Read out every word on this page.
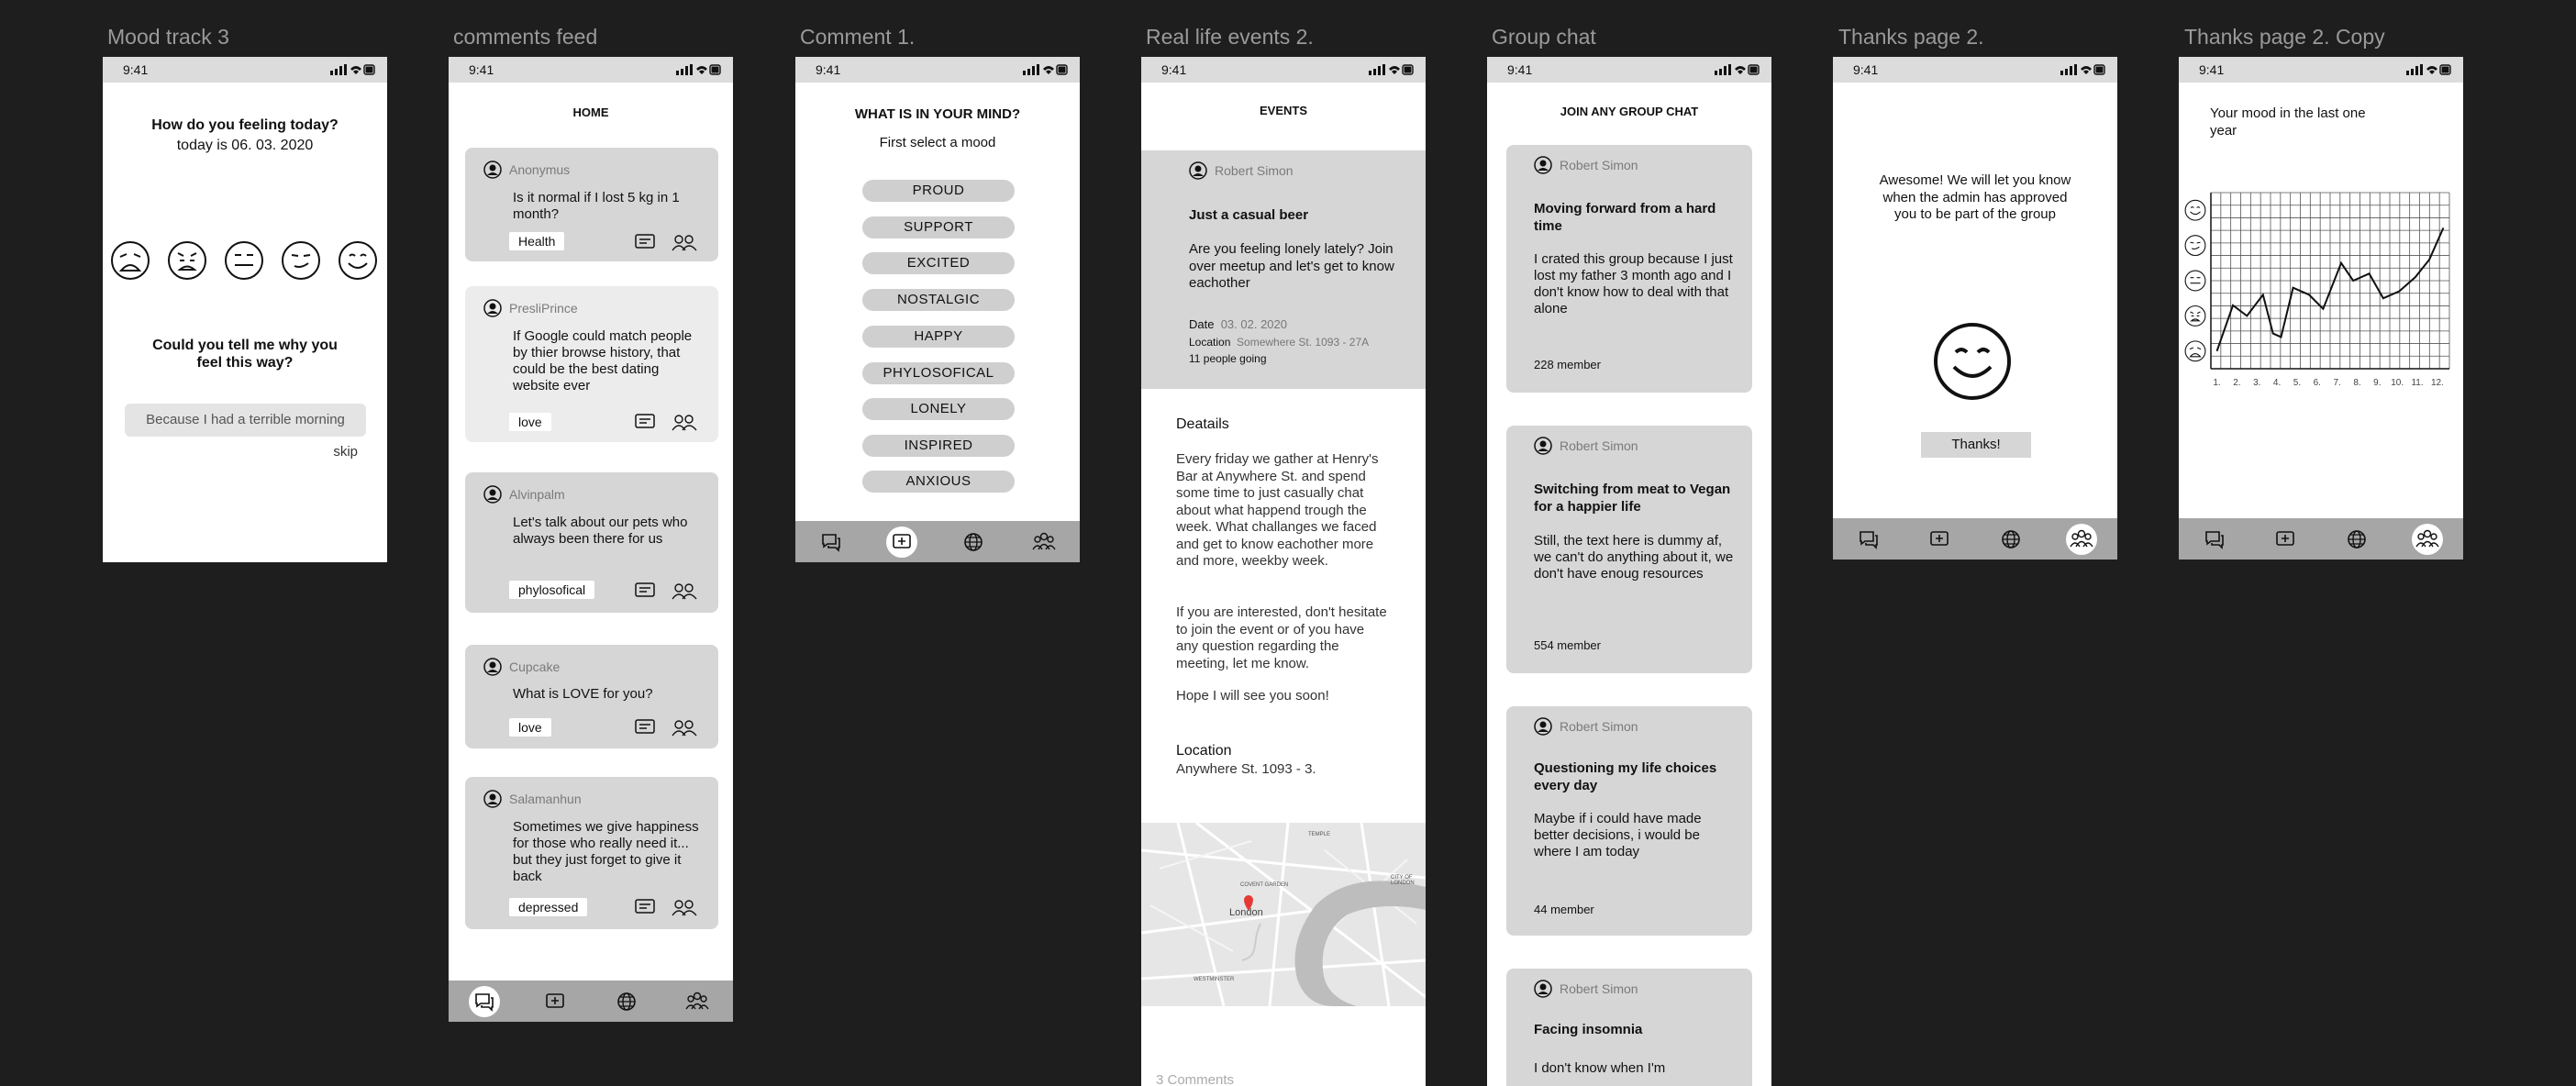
Mood track 3	comments feed	Comment 1.	Real life events 2.	Group chat	Thanks page 2.	Thanks page 2. Copy
9:41
How do you feeling today?
today is 06. 03. 2020
Could you tell me why you feel this way?
Because I had a terrible morning
skip
9:41
HOME
Anonymus
Is it normal if I lost 5 kg in 1 month?
Health
PresliPrince
If Google could match people by thier browse history, that could be the best dating website ever
love
Alvinpalm
Let's talk about our pets who always been there for us
phylosofical
Cupcake
What is LOVE for you?
love
Salamanhun
Sometimes we give happiness for those who really need it... but they just forget to give it back
depressed
9:41
WHAT IS IN YOUR MIND?
First select a mood
PROUD
SUPPORT
EXCITED
NOSTALGIC
HAPPY
PHYLOSOFICAL
LONELY
INSPIRED
ANXIOUS
9:41
EVENTS
Robert Simon
Just a casual beer
Are you feeling lonely lately? Join over meetup and let's get to know eachother
Date 03. 02. 2020
Location Somewhere St. 1093 - 27A
11 people going
Deatails
Every friday we gather at Henry's Bar at Anywhere St. and spend some time to just casually chat about what happend trough the week. What challanges we faced and get to know eachother more and more, weekby week.
If you are interested, don't hesitate to join the event or of you have any question regarding the meeting, let me know.
Hope I will see you soon!
Location
Anywhere St. 1093 - 3.
London
COVENT GARDEN
TEMPLE
CITY OF LONDON
WESTMINSTER
3 Comments
9:41
JOIN ANY GROUP CHAT
Robert Simon
Moving forward from a hard time
I crated this group because I just lost my father 3 month ago and I don't know how to deal with that alone
228 member
Robert Simon
Switching from meat to Vegan for a happier life
Still, the text here is dummy af, we can't do anything about it, we don't have enoug resources
554 member
Robert Simon
Questioning my life choices every day
Maybe if i could have made better decisions, i would be where I am today
44 member
Robert Simon
Facing insomnia
I don't know when I'm
9:41
Awesome! We will let you know when the admin has approved you to be part of the group
Thanks!
9:41
Your mood in the last one year
1. 2. 3. 4. 5. 6. 7. 8. 9. 10. 11. 12.
